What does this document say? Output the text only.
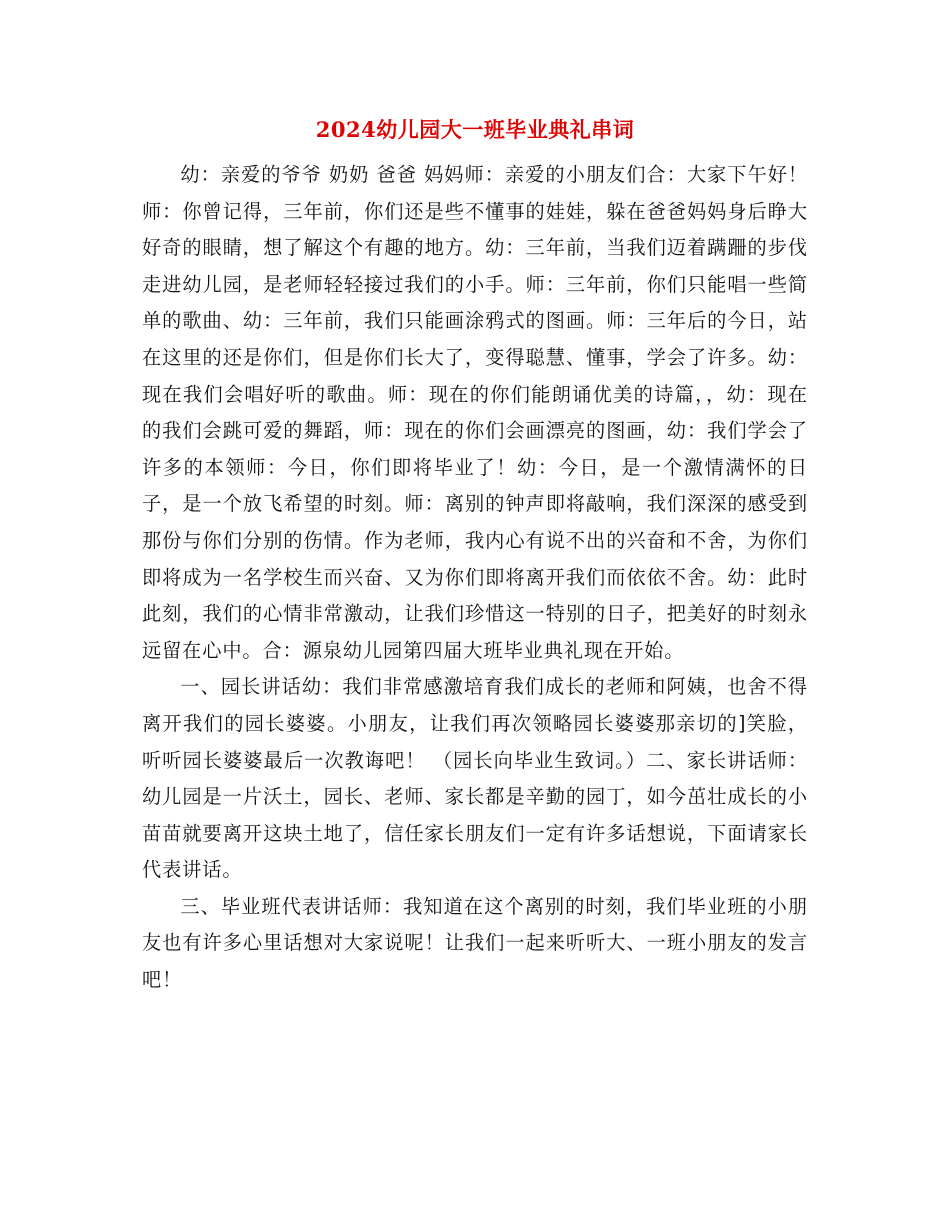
2024幼儿园大一班毕业典礼串词

幼：亲爱的爷爷 奶奶 爸爸 妈妈师：亲爱的小朋友们合：大家下午好！师：你曾记得，三年前，你们还是些不懂事的娃娃，躲在爸爸妈妈身后睁大好奇的眼睛，想了解这个有趣的地方。幼：三年前，当我们迈着蹒跚的步伐走进幼儿园，是老师轻轻接过我们的小手。师：三年前，你们只能唱一些简单的歌曲、幼：三年前，我们只能画涂鸦式的图画。师：三年后的今日，站在这里的还是你们，但是你们长大了，变得聪慧、懂事，学会了许多。幼：现在我们会唱好听的歌曲。师：现在的你们能朗诵优美的诗篇，，幼：现在的我们会跳可爱的舞蹈，师：现在的你们会画漂亮的图画，幼：我们学会了许多的本领师：今日，你们即将毕业了！幼：今日，是一个激情满怀的日子，是一个放飞希望的时刻。师：离别的钟声即将敲响，我们深深的感受到那份与你们分别的伤情。作为老师，我内心有说不出的兴奋和不舍，为你们即将成为一名学校生而兴奋、又为你们即将离开我们而依依不舍。幼：此时此刻，我们的心情非常激动，让我们珍惜这一特别的日子，把美好的时刻永远留在心中。合：源泉幼儿园第四届大班毕业典礼现在开始。

一、园长讲话幼：我们非常感激培育我们成长的老师和阿姨，也舍不得离开我们的园长婆婆。小朋友，让我们再次领略园长婆婆那亲切的]笑脸，听听园长婆婆最后一次教诲吧！ （园长向毕业生致词。）二、家长讲话师： 幼儿园是一片沃土，园长、老师、家长都是辛勤的园丁，如今茁壮成长的小苗苗就要离开这块土地了，信任家长朋友们一定有许多话想说，下面请家长代表讲话。

三、毕业班代表讲话师：我知道在这个离别的时刻，我们毕业班的小朋友也有许多心里话想对大家说呢！让我们一起来听听大、一班小朋友的发言吧！
